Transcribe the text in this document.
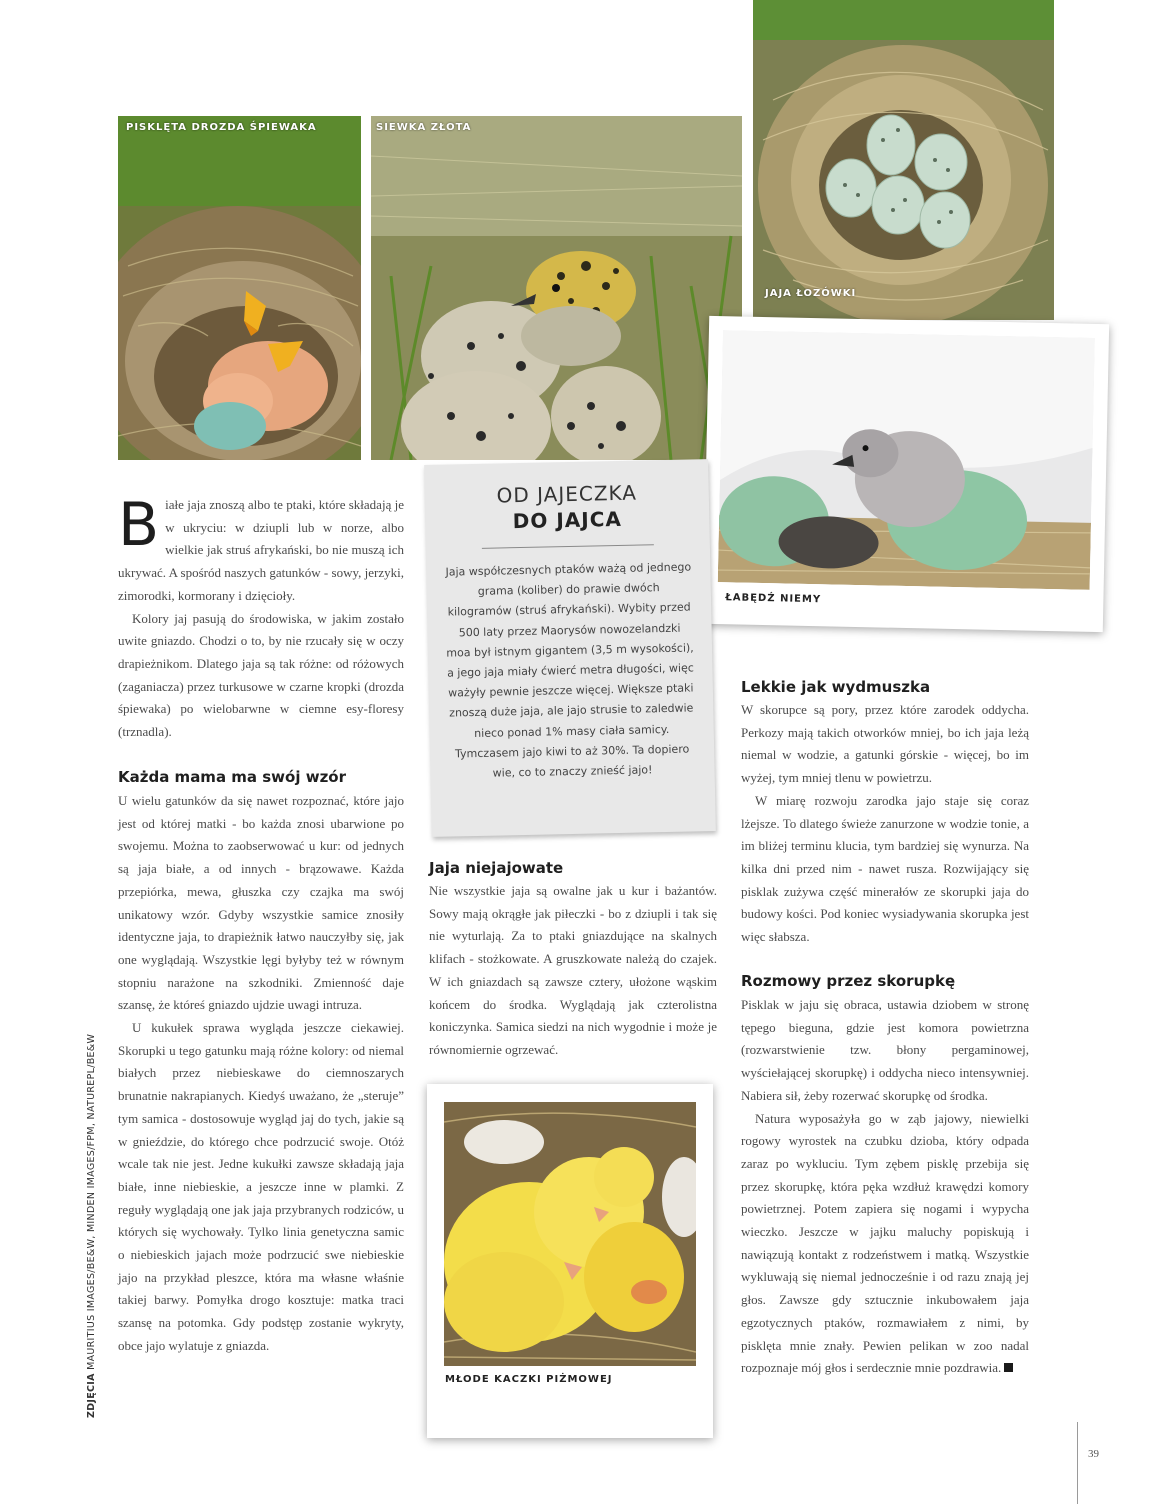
PISKLĘTA DROZDA ŚPIEWAKA	SIEWKA ZŁOTA
JAJA ŁOZÓWKI
ŁABĘDŹ NIEMY
MŁODE KACZKI PIŻMOWEJ
OD JAJECZKA
DO JAJCA
Jaja współczesnych ptaków ważą od jednego grama (koliber) do prawie dwóch kilogramów (struś afrykański). Wybity przed 500 laty przez Maorysów nowozelandzki moa był istnym gigantem (3,5 m wysokości), a jego jaja miały ćwierć metra długości, więc ważyły pewnie jeszcze więcej. Większe ptaki znoszą duże jaja, ale jajo strusie to zaledwie nieco ponad 1% masy ciała samicy. Tymczasem jajo kiwi to aż 30%. Ta dopiero wie, co to znaczy znieść jajo!
B iałe jaja znoszą albo te ptaki, które składają je w ukryciu: w dziupli lub w norze, albo wielkie jak struś afrykański, bo nie muszą ich ukrywać. A spośród naszych gatunków - sowy, jerzyki, zimorodki, kormorany i dzięcioły.

Kolory jaj pasują do środowiska, w jakim zostało uwite gniazdo. Chodzi o to, by nie rzucały się w oczy drapieżnikom. Dlatego jaja są tak różne: od różowych (zaganiacza) przez turkusowe w czarne kropki (drozda śpiewaka) po wielobarwne w ciemne esy-floresy (trznadla).

Każda mama ma swój wzór

U wielu gatunków da się nawet rozpoznać, które jajo jest od której matki - bo każda znosi ubarwione po swojemu. Można to zaobserwować u kur: od jednych są jaja białe, a od innych - brązowawe. Każda przepiórka, mewa, głuszka czy czajka ma swój unikatowy wzór. Gdyby wszystkie samice znosiły identyczne jaja, to drapieżnik łatwo nauczyłby się, jak one wyglądają. Wszystkie lęgi byłyby też w równym stopniu narażone na szkodniki. Zmienność daje szansę, że któreś gniazdo ujdzie uwagi intruza.

U kukułek sprawa wygląda jeszcze ciekawiej. Skorupki u tego gatunku mają różne kolory: od niemal białych przez niebieskawe do ciemnoszarych brunatnie nakrapianych. Kiedyś uważano, że „steruje” tym samica - dostosowuje wygląd jaj do tych, jakie są w gnieździe, do którego chce podrzucić swoje. Otóż wcale tak nie jest. Jedne kukułki zawsze składają jaja białe, inne niebieskie, a jeszcze inne w plamki. Z reguły wyglądają one jak jaja przybranych rodziców, u których się wychowały. Tylko linia genetyczna samic o niebieskich jajach może podrzucić swe niebieskie jajo na przykład pleszce, która ma własne właśnie takiej barwy. Pomyłka drogo kosztuje: matka traci szansę na potomka. Gdy podstęp zostanie wykryty, obce jajo wylatuje z gniazda.

Jaja niejajowate

Nie wszystkie jaja są owalne jak u kur i bażantów. Sowy mają okrągłe jak piłeczki - bo z dziupli i tak się nie wyturlają. Za to ptaki gniazdujące na skalnych klifach - stożkowate. A gruszkowate należą do czajek. W ich gniazdach są zawsze cztery, ułożone wąskim końcem do środka. Wyglądają jak czterolistna koniczynka. Samica siedzi na nich wygodnie i może je równomiernie ogrzewać.

Lekkie jak wydmuszka

W skorupce są pory, przez które zarodek oddycha. Perkozy mają takich otworków mniej, bo ich jaja leżą niemal w wodzie, a gatunki górskie - więcej, bo im wyżej, tym mniej tlenu w powietrzu.

W miarę rozwoju zarodka jajo staje się coraz lżejsze. To dlatego świeże zanurzone w wodzie tonie, a im bliżej terminu klucia, tym bardziej się wynurza. Na kilka dni przed nim - nawet rusza. Rozwijający się pisklak zużywa część minerałów ze skorupki jaja do budowy kości. Pod koniec wysiadywania skorupka jest więc słabsza.

Rozmowy przez skorupkę

Pisklak w jaju się obraca, ustawia dziobem w stronę tępego bieguna, gdzie jest komora powietrzna (rozwarstwienie tzw. błony pergaminowej, wyściełającej skorupkę) i oddycha nieco intensywniej. Nabiera sił, żeby rozerwać skorupkę od środka.

Natura wyposażyła go w ząb jajowy, niewielki rogowy wyrostek na czubku dzioba, który odpada zaraz po wykluciu. Tym zębem pisklę przebija się przez skorupkę, która pęka wzdłuż krawędzi komory powietrznej. Potem zapiera się nogami i wypycha wieczko. Jeszcze w jajku maluchy popiskują i nawiązują kontakt z rodzeństwem i matką. Wszystkie wykluwają się niemal jednocześnie i od razu znają jej głos. Zawsze gdy sztucznie inkubowałem jaja egzotycznych ptaków, rozmawiałem z nimi, by pisklęta mnie znały. Pewien pelikan w zoo nadal rozpoznaje mój głos i serdecznie mnie pozdrawia.

ZDJĘCIA MAURITIUS IMAGES/BE&W, MINDEN IMAGES/FPM, NATUREPL/BE&W
39
